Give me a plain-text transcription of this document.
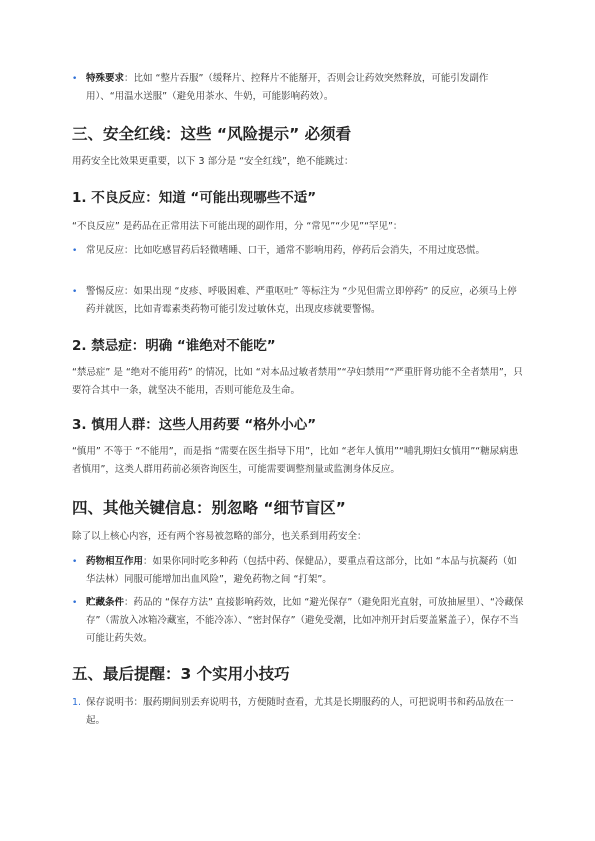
• 特殊要求：比如 “整片吞服”（缓释片、控释片不能掰开，否则会让药效突然释放，可能引发副作用）、“用温水送服”（避免用茶水、牛奶，可能影响药效）。
三、安全红线：这些 “风险提示” 必须看
用药安全比效果更重要，以下 3 部分是 “安全红线”，绝不能跳过：
1. 不良反应：知道 “可能出现哪些不适”
“不良反应” 是药品在正常用法下可能出现的副作用，分 “常见”“少见”“罕见”：
• 常见反应：比如吃感冒药后轻微嗜睡、口干，通常不影响用药，停药后会消失，不用过度恐慌。
• 警惕反应：如果出现 “皮疹、呼吸困难、严重呕吐” 等标注为 “少见但需立即停药” 的反应，必须马上停药并就医，比如青霉素类药物可能引发过敏休克，出现皮疹就要警惕。
2. 禁忌症：明确 “谁绝对不能吃”
“禁忌症” 是 “绝对不能用药” 的情况，比如 “对本品过敏者禁用”“孕妇禁用”“严重肝肾功能不全者禁用”，只要符合其中一条，就坚决不能用，否则可能危及生命。
3. 慎用人群：这些人用药要 “格外小心”
“慎用” 不等于 “不能用”，而是指 “需要在医生指导下用”，比如 “老年人慎用”“哺乳期妇女慎用”“糖尿病患者慎用”，这类人群用药前必须咨询医生，可能需要调整剂量或监测身体反应。
四、其他关键信息：别忽略 “细节盲区”
除了以上核心内容，还有两个容易被忽略的部分，也关系到用药安全：
• 药物相互作用：如果你同时吃多种药（包括中药、保健品），要重点看这部分，比如 “本品与抗凝药（如华法林）同服可能增加出血风险”，避免药物之间 “打架”。
• 贮藏条件：药品的 “保存方法” 直接影响药效，比如 “避光保存”（避免阳光直射，可放抽屉里）、“冷藏保存”（需放入冰箱冷藏室，不能冷冻）、“密封保存”（避免受潮，比如冲剂开封后要盖紧盖子），保存不当可能让药失效。
五、最后提醒：3 个实用小技巧
1. 保存说明书：服药期间别丢弃说明书，方便随时查看，尤其是长期服药的人，可把说明书和药品放在一起。
